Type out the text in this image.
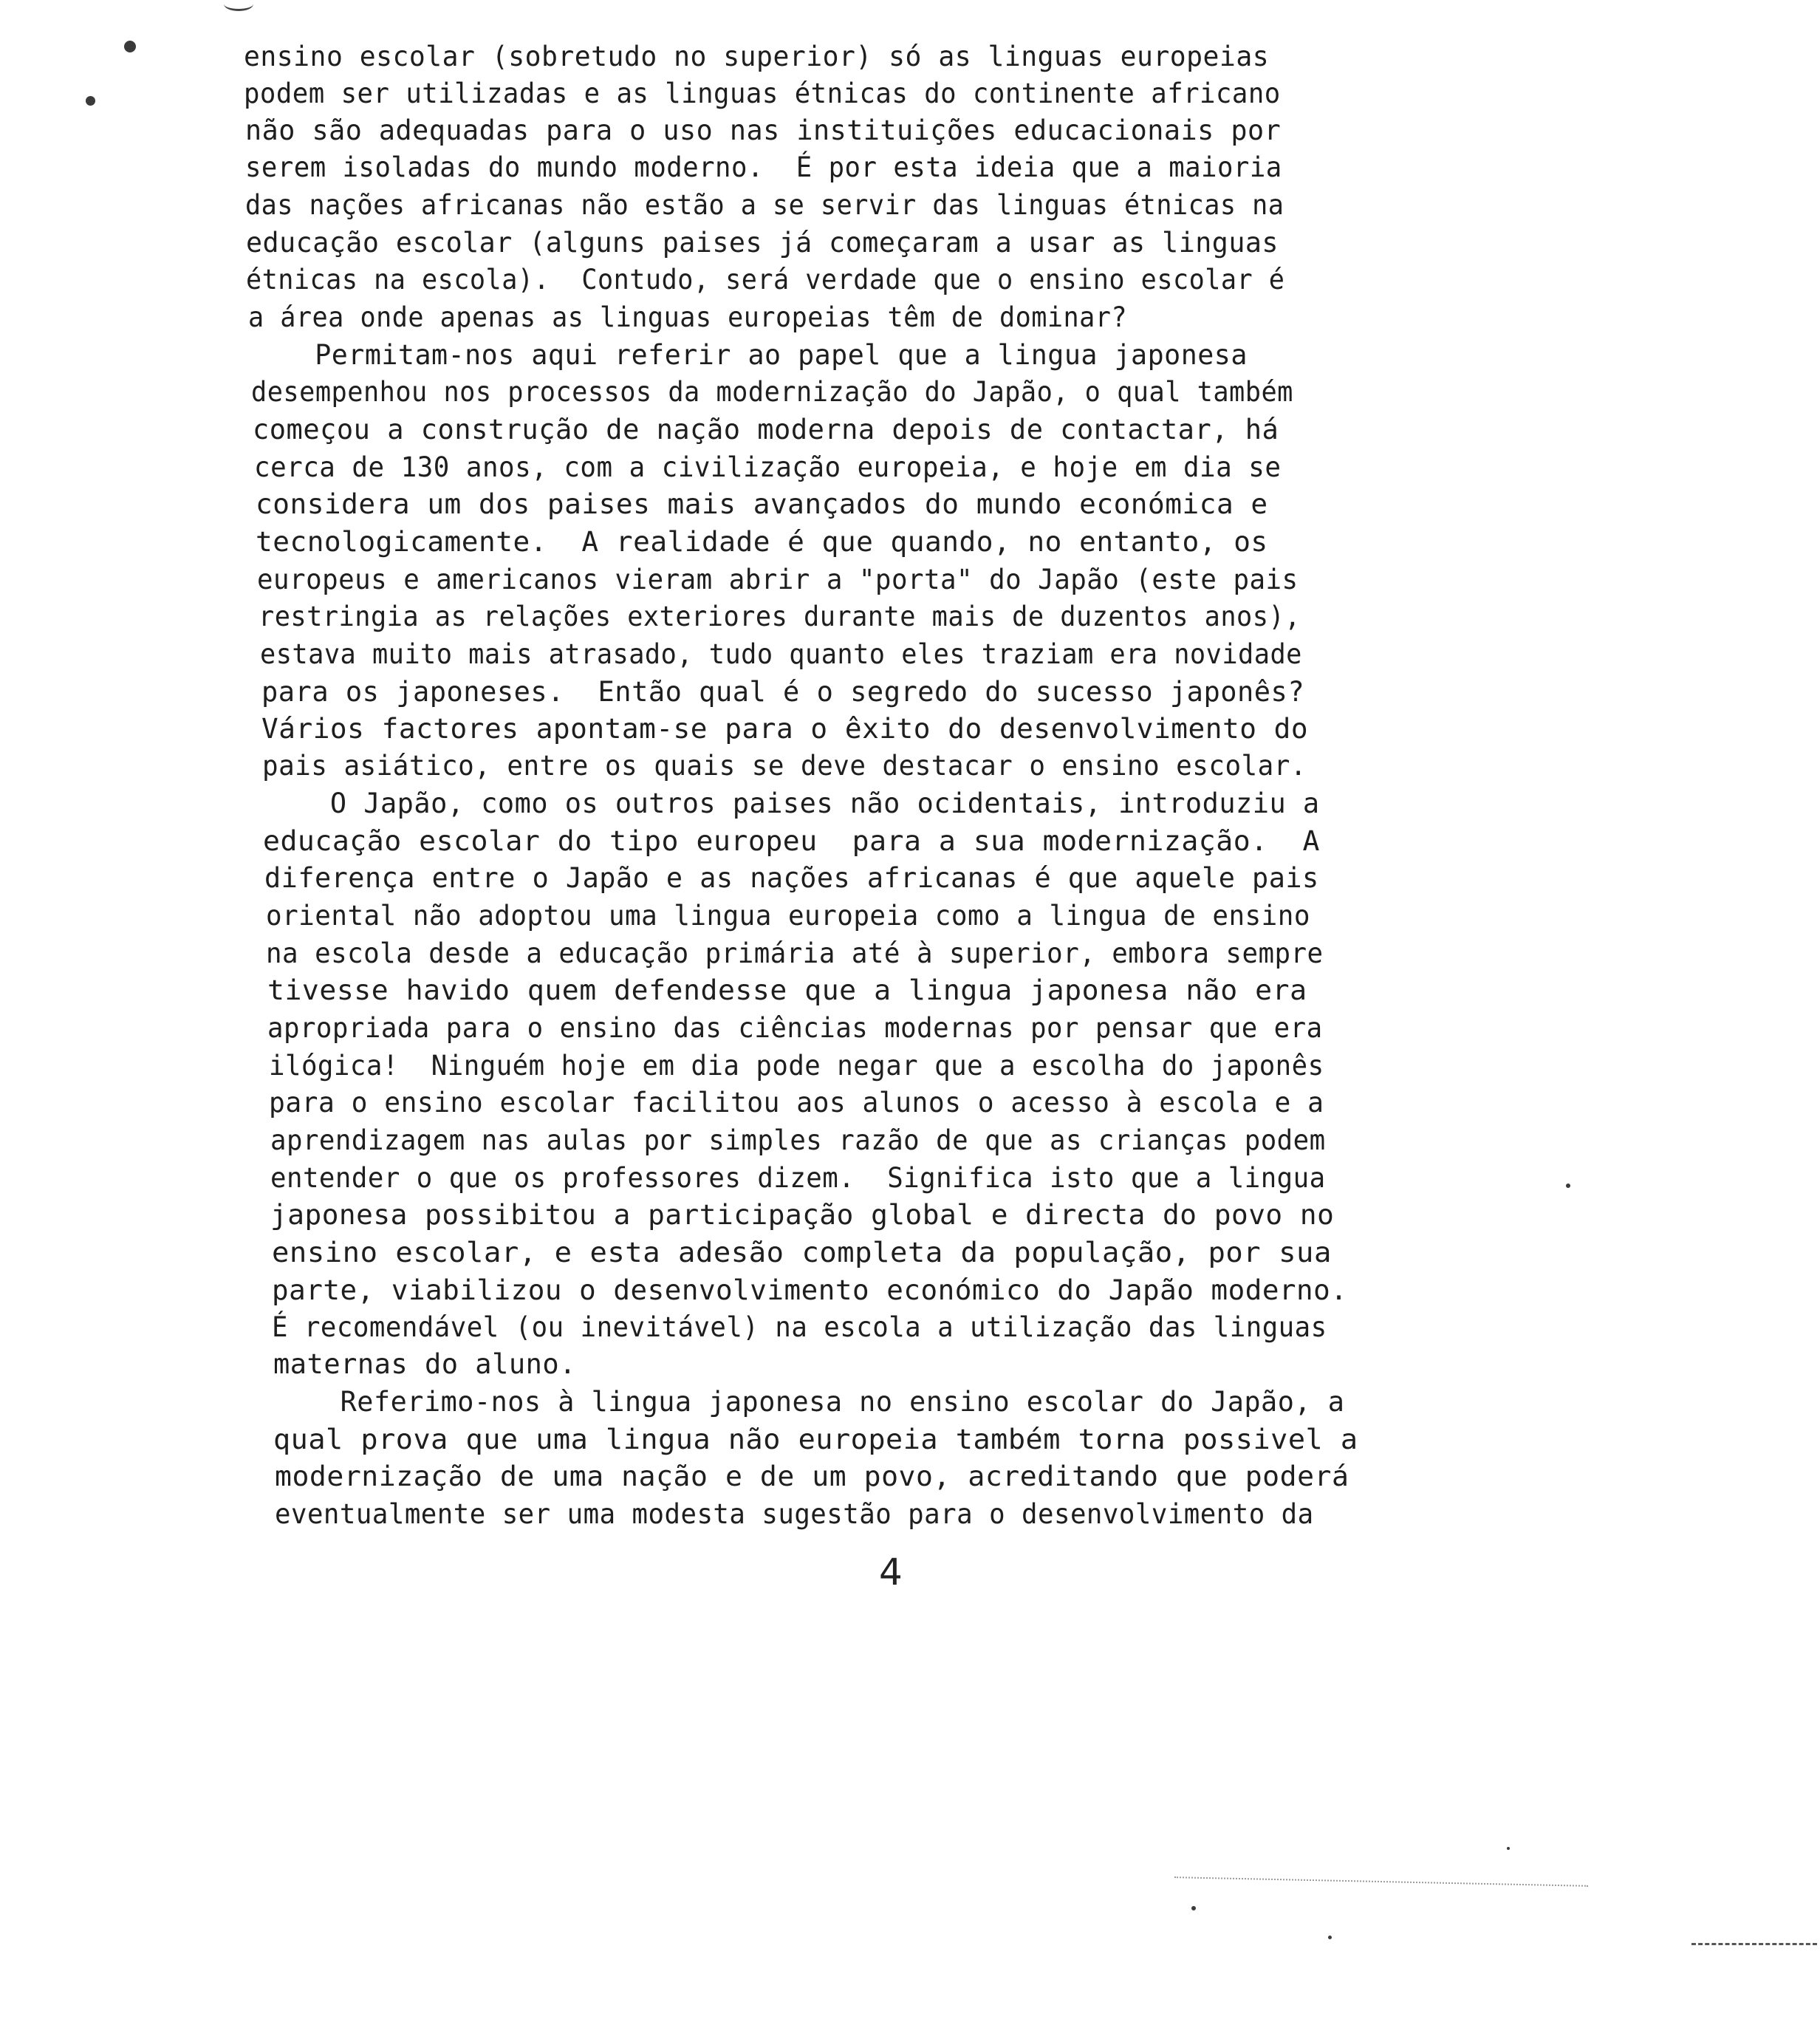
ensino escolar (sobretudo no superior) só as linguas europeias
podem ser utilizadas e as linguas étnicas do continente africano
não são adequadas para o uso nas instituições educacionais por
serem isoladas do mundo moderno.  É por esta ideia que a maioria
das nações africanas não estão a se servir das linguas étnicas na
educação escolar (alguns paises já começaram a usar as linguas
étnicas na escola).  Contudo, será verdade que o ensino escolar é
a área onde apenas as linguas europeias têm de dominar?
Permitam-nos aqui referir ao papel que a lingua japonesa
desempenhou nos processos da modernização do Japão, o qual também
começou a construção de nação moderna depois de contactar, há
cerca de 130 anos, com a civilização europeia, e hoje em dia se
considera um dos paises mais avançados do mundo económica e
tecnologicamente.  A realidade é que quando, no entanto, os
europeus e americanos vieram abrir a "porta" do Japão (este pais
restringia as relações exteriores durante mais de duzentos anos),
estava muito mais atrasado, tudo quanto eles traziam era novidade
para os japoneses.  Então qual é o segredo do sucesso japonês?
Vários factores apontam-se para o êxito do desenvolvimento do
pais asiático, entre os quais se deve destacar o ensino escolar.
O Japão, como os outros paises não ocidentais, introduziu a
educação escolar do tipo europeu  para a sua modernização.  A
diferença entre o Japão e as nações africanas é que aquele pais
oriental não adoptou uma lingua europeia como a lingua de ensino
na escola desde a educação primária até à superior, embora sempre
tivesse havido quem defendesse que a lingua japonesa não era
apropriada para o ensino das ciências modernas por pensar que era
ilógica!  Ninguém hoje em dia pode negar que a escolha do japonês
para o ensino escolar facilitou aos alunos o acesso à escola e a
aprendizagem nas aulas por simples razão de que as crianças podem
entender o que os professores dizem.  Significa isto que a lingua
japonesa possibitou a participação global e directa do povo no
ensino escolar, e esta adesão completa da população, por sua
parte, viabilizou o desenvolvimento económico do Japão moderno.
É recomendável (ou inevitável) na escola a utilização das linguas
maternas do aluno.
Referimo-nos à lingua japonesa no ensino escolar do Japão, a
qual prova que uma lingua não europeia também torna possivel a
modernização de uma nação e de um povo, acreditando que poderá
eventualmente ser uma modesta sugestão para o desenvolvimento da
4
